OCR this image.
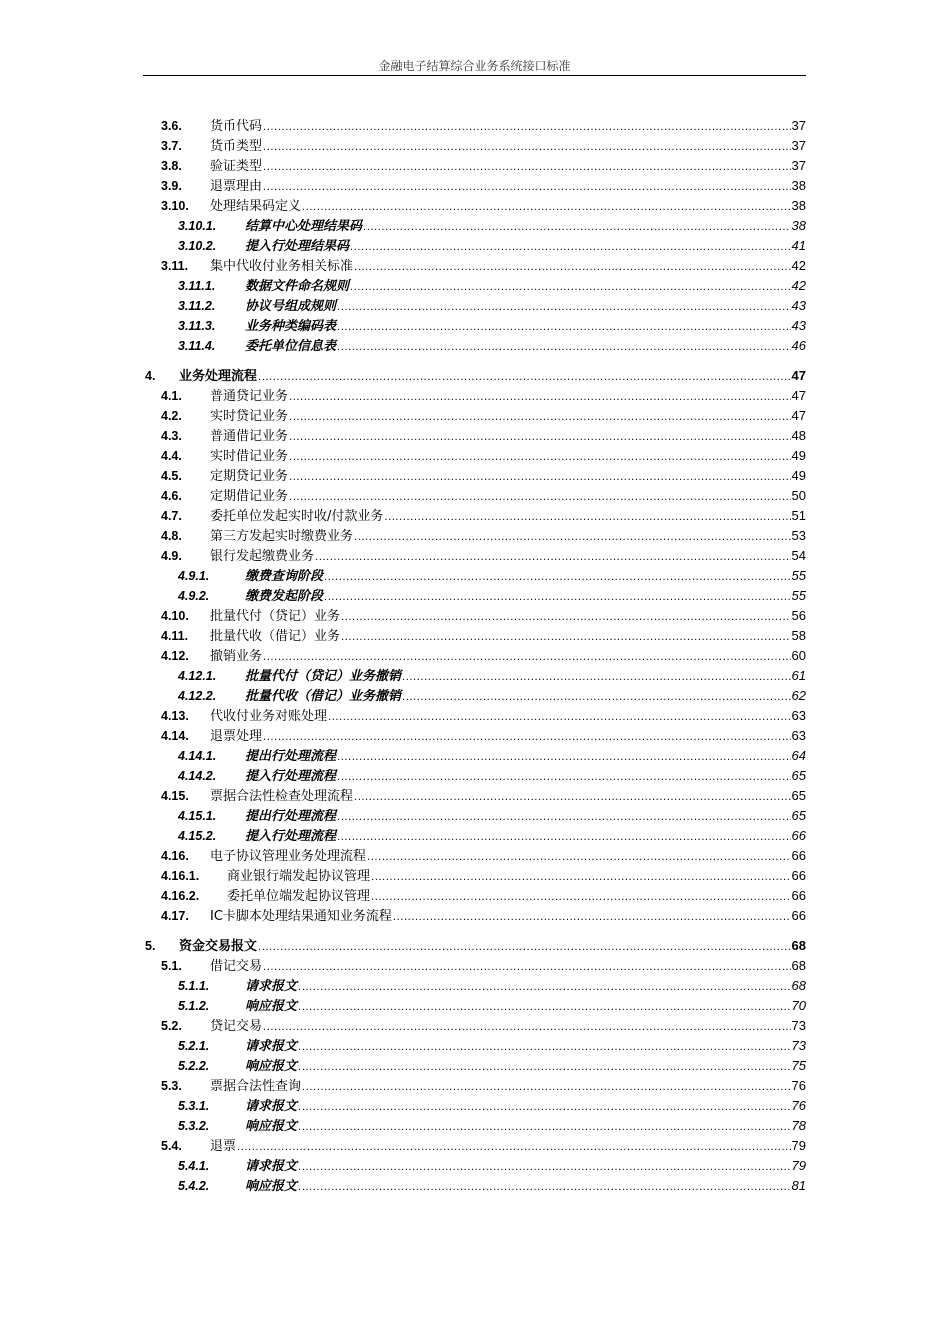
金融电子结算综合业务系统接口标准
3.6.	货币代码 .....	37
3.7.	货币类型 .....	37
3.8.	验证类型 .....	37
3.9.	退票理由 .....	38
3.10.	处理结果码定义 .....	38
3.10.1.	结算中心处理结果码 .....	38
3.10.2.	提入行处理结果码 .....	41
3.11.	集中代收付业务相关标准 .....	42
3.11.1.	数据文件命名规则 .....	42
3.11.2.	协议号组成规则 .....	43
3.11.3.	业务种类编码表 .....	43
3.11.4.	委托单位信息表 .....	46
4.	业务处理流程 .....	47
4.1.	普通贷记业务 .....	47
4.2.	实时贷记业务 .....	47
4.3.	普通借记业务 .....	48
4.4.	实时借记业务 .....	49
4.5.	定期贷记业务 .....	49
4.6.	定期借记业务 .....	50
4.7.	委托单位发起实时收/付款业务 .....	51
4.8.	第三方发起实时缴费业务 .....	53
4.9.	银行发起缴费业务 .....	54
4.9.1.	缴费查询阶段 .....	55
4.9.2.	缴费发起阶段 .....	55
4.10.	批量代付（贷记）业务 .....	56
4.11.	批量代收（借记）业务 .....	58
4.12.	撤销业务 .....	60
4.12.1.	批量代付（贷记）业务撤销 .....	61
4.12.2.	批量代收（借记）业务撤销 .....	62
4.13.	代收付业务对账处理 .....	63
4.14.	退票处理 .....	63
4.14.1.	提出行处理流程 .....	64
4.14.2.	提入行处理流程 .....	65
4.15.	票据合法性检查处理流程 .....	65
4.15.1.	提出行处理流程 .....	65
4.15.2.	提入行处理流程 .....	66
4.16.	电子协议管理业务处理流程 .....	66
4.16.1.	商业银行端发起协议管理 .....	66
4.16.2.	委托单位端发起协议管理 .....	66
4.17.	IC卡脚本处理结果通知业务流程 .....	66
5.	资金交易报文 .....	68
5.1.	借记交易 .....	68
5.1.1.	请求报文 .....	68
5.1.2.	响应报文 .....	70
5.2.	贷记交易 .....	73
5.2.1.	请求报文 .....	73
5.2.2.	响应报文 .....	75
5.3.	票据合法性查询 .....	76
5.3.1.	请求报文 .....	76
5.3.2.	响应报文 .....	78
5.4.	退票 .....	79
5.4.1.	请求报文 .....	79
5.4.2.	响应报文 .....	81
